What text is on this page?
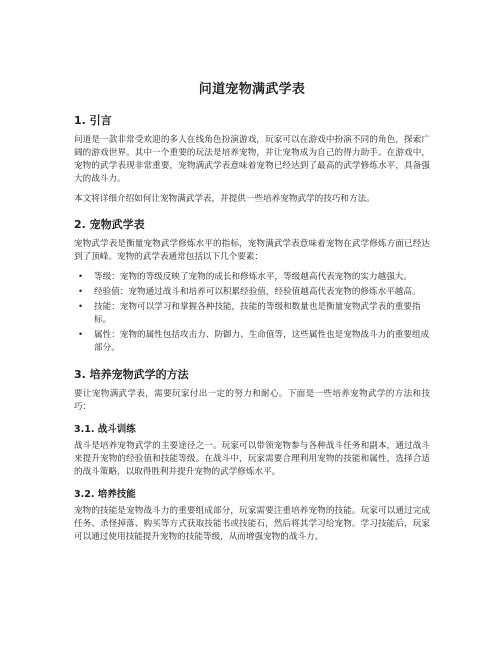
问道宠物满武学表
1. 引言

问道是一款非常受欢迎的多人在线角色扮演游戏，玩家可以在游戏中扮演不同的角色，探索广阔的游戏世界。其中一个重要的玩法是培养宠物，并让宠物成为自己的得力助手。在游戏中，宠物的武学表现非常重要，宠物满武学表意味着宠物已经达到了最高的武学修炼水平，具备强大的战斗力。

本文将详细介绍如何让宠物满武学表，并提供一些培养宠物武学的技巧和方法。

2. 宠物武学表

宠物武学表是衡量宠物武学修炼水平的指标，宠物满武学表意味着宠物在武学修炼方面已经达到了顶峰。宠物的武学表通常包括以下几个要素：

• 等级：宠物的等级反映了宠物的成长和修炼水平，等级越高代表宠物的实力越强大。
• 经验值：宠物通过战斗和培养可以积累经验值，经验值越高代表宠物的修炼水平越高。
• 技能：宠物可以学习和掌握各种技能，技能的等级和数量也是衡量宠物武学表的重要指标。
• 属性：宠物的属性包括攻击力、防御力、生命值等，这些属性也是宠物战斗力的重要组成部分。
3. 培养宠物武学的方法

要让宠物满武学表，需要玩家付出一定的努力和耐心。下面是一些培养宠物武学的方法和技巧：

3.1. 战斗训练

战斗是培养宠物武学的主要途径之一。玩家可以带领宠物参与各种战斗任务和副本，通过战斗来提升宠物的经验值和技能等级。在战斗中，玩家需要合理利用宠物的技能和属性，选择合适的战斗策略，以取得胜利并提升宠物的武学修炼水平。

3.2. 培养技能

宠物的技能是宠物战斗力的重要组成部分，玩家需要注重培养宠物的技能。玩家可以通过完成任务、杀怪掉落、购买等方式获取技能书或技能石，然后将其学习给宠物。学习技能后，玩家可以通过使用技能提升宠物的技能等级，从而增强宠物的战斗力。
